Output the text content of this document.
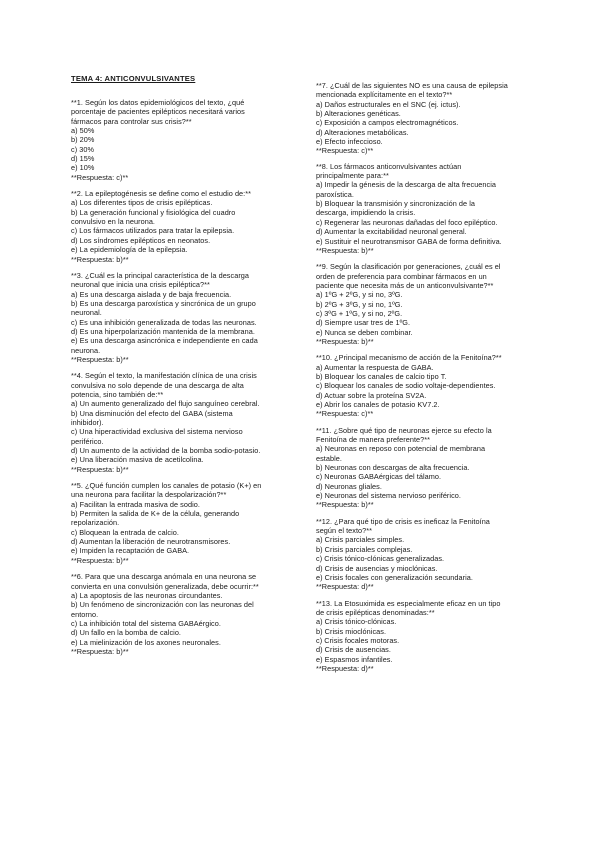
TEMA 4: ANTICONVULSIVANTES
**1. Según los datos epidemiológicos del texto, ¿qué
porcentaje de pacientes epilépticos necesitará varios
fármacos para controlar sus crisis?**
a) 50%
b) 20%
c) 30%
d) 15%
e) 10%
**Respuesta: c)**
**2. La epileptogénesis se define como el estudio de:**
a) Los diferentes tipos de crisis epilépticas.
b) La generación funcional y fisiológica del cuadro
convulsivo en la neurona.
c) Los fármacos utilizados para tratar la epilepsia.
d) Los síndromes epilépticos en neonatos.
e) La epidemiología de la epilepsia.
**Respuesta: b)**
**3. ¿Cuál es la principal característica de la descarga
neuronal que inicia una crisis epiléptica?**
a) Es una descarga aislada y de baja frecuencia.
b) Es una descarga paroxística y sincrónica de un grupo
neuronal.
c) Es una inhibición generalizada de todas las neuronas.
d) Es una hiperpolarización mantenida de la membrana.
e) Es una descarga asincrónica e independiente en cada
neurona.
**Respuesta: b)**
**4. Según el texto, la manifestación clínica de una crisis
convulsiva no solo depende de una descarga de alta
potencia, sino también de:**
a) Un aumento generalizado del flujo sanguíneo cerebral.
b) Una disminución del efecto del GABA (sistema
inhibidor).
c) Una hiperactividad exclusiva del sistema nervioso
periférico.
d) Un aumento de la actividad de la bomba sodio-potasio.
e) Una liberación masiva de acetilcolina.
**Respuesta: b)**
**5. ¿Qué función cumplen los canales de potasio (K+) en
una neurona para facilitar la despolarización?**
a) Facilitan la entrada masiva de sodio.
b) Permiten la salida de K+ de la célula, generando
repolarización.
c) Bloquean la entrada de calcio.
d) Aumentan la liberación de neurotransmisores.
e) Impiden la recaptación de GABA.
**Respuesta: b)**
**6. Para que una descarga anómala en una neurona se
convierta en una convulsión generalizada, debe ocurrir:**
a) La apoptosis de las neuronas circundantes.
b) Un fenómeno de sincronización con las neuronas del
entorno.
c) La inhibición total del sistema GABAérgico.
d) Un fallo en la bomba de calcio.
e) La mielinización de los axones neuronales.
**Respuesta: b)**
**7. ¿Cuál de las siguientes NO es una causa de epilepsia
mencionada explícitamente en el texto?**
a) Daños estructurales en el SNC (ej. ictus).
b) Alteraciones genéticas.
c) Exposición a campos electromagnéticos.
d) Alteraciones metabólicas.
e) Efecto infeccioso.
**Respuesta: c)**
**8. Los fármacos anticonvulsivantes actúan
principalmente para:**
a) Impedir la génesis de la descarga de alta frecuencia
paroxística.
b) Bloquear la transmisión y sincronización de la
descarga, impidiendo la crisis.
c) Regenerar las neuronas dañadas del foco epiléptico.
d) Aumentar la excitabilidad neuronal general.
e) Sustituir el neurotransmisor GABA de forma definitiva.
**Respuesta: b)**
**9. Según la clasificación por generaciones, ¿cuál es el
orden de preferencia para combinar fármacos en un
paciente que necesita más de un anticonvulsivante?**
a) 1ºG + 2ºG, y si no, 3ºG.
b) 2ºG + 3ºG, y si no, 1ºG.
c) 3ºG + 1ºG, y si no, 2ºG.
d) Siempre usar tres de 1ºG.
e) Nunca se deben combinar.
**Respuesta: b)**
**10. ¿Principal mecanismo de acción de la Fenitoína?**
a) Aumentar la respuesta de GABA.
b) Bloquear los canales de calcio tipo T.
c) Bloquear los canales de sodio voltaje-dependientes.
d) Actuar sobre la proteína SV2A.
e) Abrir los canales de potasio KV7.2.
**Respuesta: c)**
**11. ¿Sobre qué tipo de neuronas ejerce su efecto la
Fenitoína de manera preferente?**
a) Neuronas en reposo con potencial de membrana
estable.
b) Neuronas con descargas de alta frecuencia.
c) Neuronas GABAérgicas del tálamo.
d) Neuronas gliales.
e) Neuronas del sistema nervioso periférico.
**Respuesta: b)**
**12. ¿Para qué tipo de crisis es ineficaz la Fenitoína
según el texto?**
a) Crisis parciales simples.
b) Crisis parciales complejas.
c) Crisis tónico-clónicas generalizadas.
d) Crisis de ausencias y mioclónicas.
e) Crisis focales con generalización secundaria.
**Respuesta: d)**
**13. La Etosuximida es especialmente eficaz en un tipo
de crisis epilépticas denominadas:**
a) Crisis tónico-clónicas.
b) Crisis mioclónicas.
c) Crisis focales motoras.
d) Crisis de ausencias.
e) Espasmos infantiles.
**Respuesta: d)**
